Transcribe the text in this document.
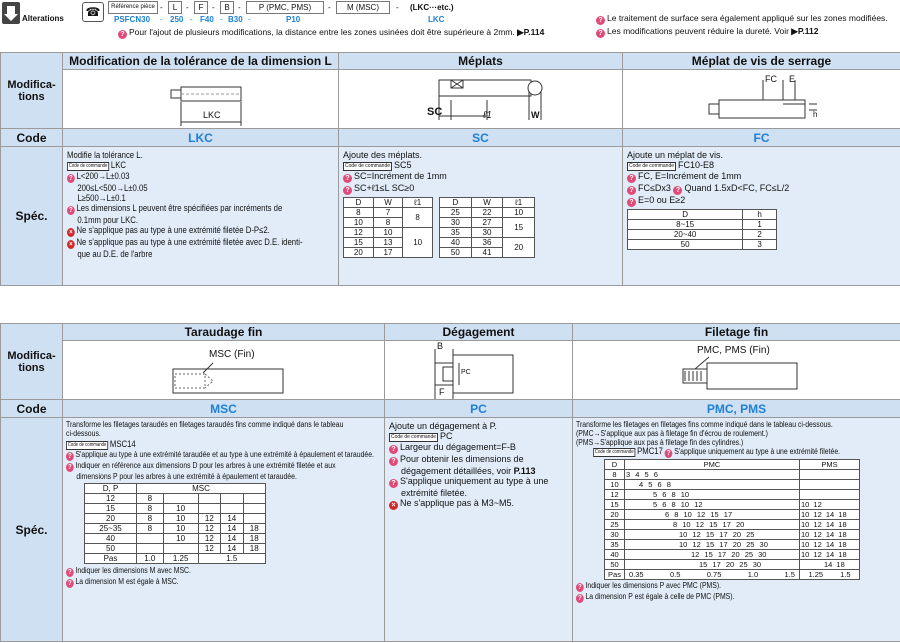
Alterations ☎	Référence pièce -	L	-	F	-	B	-	P (PMC, PMS)	-	M (MSC)	- (LKC···etc.)
PSFCN30 - 250 - F40 - B30 -	P10	LKC
? Pour l'ajout de plusieurs modifications, la distance entre les zones usinées doit être supérieure à 2mm. ▶P.114
? Le traitement de surface sera également appliqué sur les zones modifiées.
? Les modifications peuvent réduire la dureté. Voir ▶P.112
Modifica-tions
	Modification de la tolérance de la dimension L	Méplats	Méplat de vis de serrage

LKC	SC	ℓ1	W

FC E
h

Code	LKC	SC	FC
Spéc.	
Modifie la tolérance L.
Code de commande LKC
? L<200→L±0.03
200≤L<500→L±0.05
L≥500→L±0.1
? Les dimensions L peuvent être spécifiées par incréments de
0.1mm pour LKC.
× Ne s'applique pas au type à une extrémité filetée D-P≤2.
× Ne s'applique pas au type à une extrémité filetée avec D.E. identi-
que au D.E. de l'arbre

Ajoute des méplats.
Code de commande SC5
? SC=Incrément de 1mm
? SC+ℓ1≤L SC≥0
D	W	ℓ1
8	7	8
10	8
12	10	10
15	13
20	17
D	W	ℓ1
25	22	10
30	27	15
35	30
40	36	20
50	41

Ajoute un méplat de vis.
Code de commande FC10-E8
? FC, E=Incrément de 1mm
? FC≤Dx3 ? Quand 1.5xD<FC, FC≤L/2
? E=0 ou E≥2
D	h
8~15	1
20~40	2
50	3
Modifica-tions
	Taraudage fin	Dégagement	Filetage fin

MSC (Fin)

B
F
PC

PMC, PMS (Fin)

Code	MSC	PC	PMC, PMS
Spéc.	
Transforme les filetages taraudés en filetages taraudés fins comme indiqué dans le tableau
ci-dessous.
Code de commande MSC14
? S'applique au type à une extrémité taraudée et au type à une extrémité à épaulement et taraudée.
? Indiquer en référence aux dimensions D pour les arbres à une extrémité filetée et aux
dimensions P pour les arbres à une extrémité à épaulement et taraudée.
D, P	MSC
12	8				
15	8	10			
20	8	10	12	14	
25~35	8	10	12	14	18
40		10	12	14	18
50			12	14	18
Pas	1.0	1.25	1.5
? Indiquer les dimensions M avec MSC.
? La dimension M est égale à MSC.

Ajoute un dégagement à P.
Code de commande PC
? Largeur du dégagement=F-B
? Pour obtenir les dimensions de
dégagement détaillées, voir P.113
? S'applique uniquement au type à une
extrémité filetée.
× Ne s'applique pas à M3~M5.

Transforme les filetages en filetages fins comme indiqué dans le tableau ci-dessous.
(PMC→S'applique aux pas à filetage fin d'écrou de roulement.)
(PMS→S'applique aux pas à filetage fin des cylindres.)
Code de commande PMC17 ? S'applique uniquement au type à une extrémité filetée.
D	PMC	PMS
8	3 4 5 6	
10	4 5 6 8	
12	5 6 8 10	
15	5 6 8 10 12	10 12
20	6 8 10 12 15 17	10 12 14 18
25	8 10 12 15 17 20	10 12 14 18
30	10 12 15 17 20 25	10 12 14 18
35	10 12 15 17 20 25 30	10 12 14 18
40	12 15 17 20 25 30	10 12 14 18
50	15 17 20 25 30	14 18
Pas	0.35	0.5	0.75	1.0	1.5	1.25 1.5
? Indiquer les dimensions P avec PMC (PMS).
? La dimension P est égale à celle de PMC (PMS).
